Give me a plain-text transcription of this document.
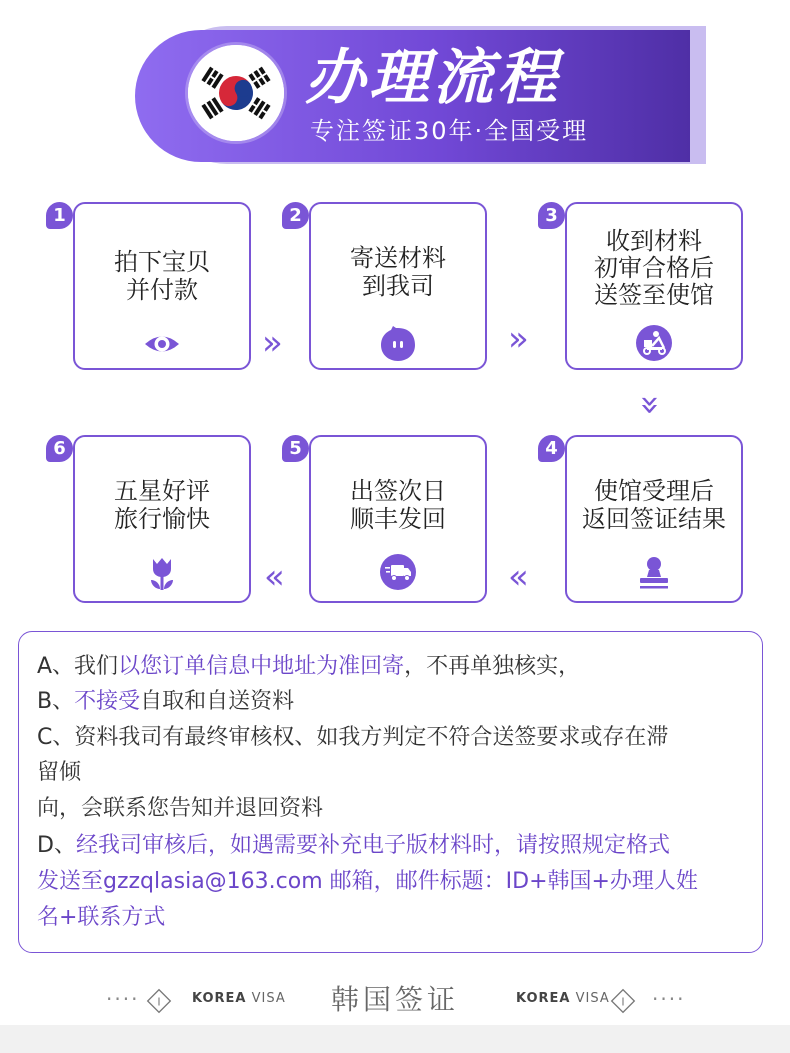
办理流程
专注签证30年·全国受理
拍下宝贝
并付款
1
»
寄送材料
到我司
2
»
收到材料
初审合格后
送签至使馆
3
»
五星好评
旅行愉快
6
«
出签次日
顺丰发回
5
«
使馆受理后
返回签证结果
4
A、我们以您订单信息中地址为准回寄，不再单独核实，
B、不接受自取和自送资料
C、资料我司有最终审核权、如我方判定不符合送签要求或存在滞
留倾
向，会联系您告知并退回资料
D、经我司审核后，如遇需要补充电子版材料时，请按照规定格式
发送至gzzqlasia@163.com 邮箱，邮件标题：ID+韩国+办理人姓
名+联系方式
···· I KOREA VISA	韩国签证	KOREA VISA I ····
